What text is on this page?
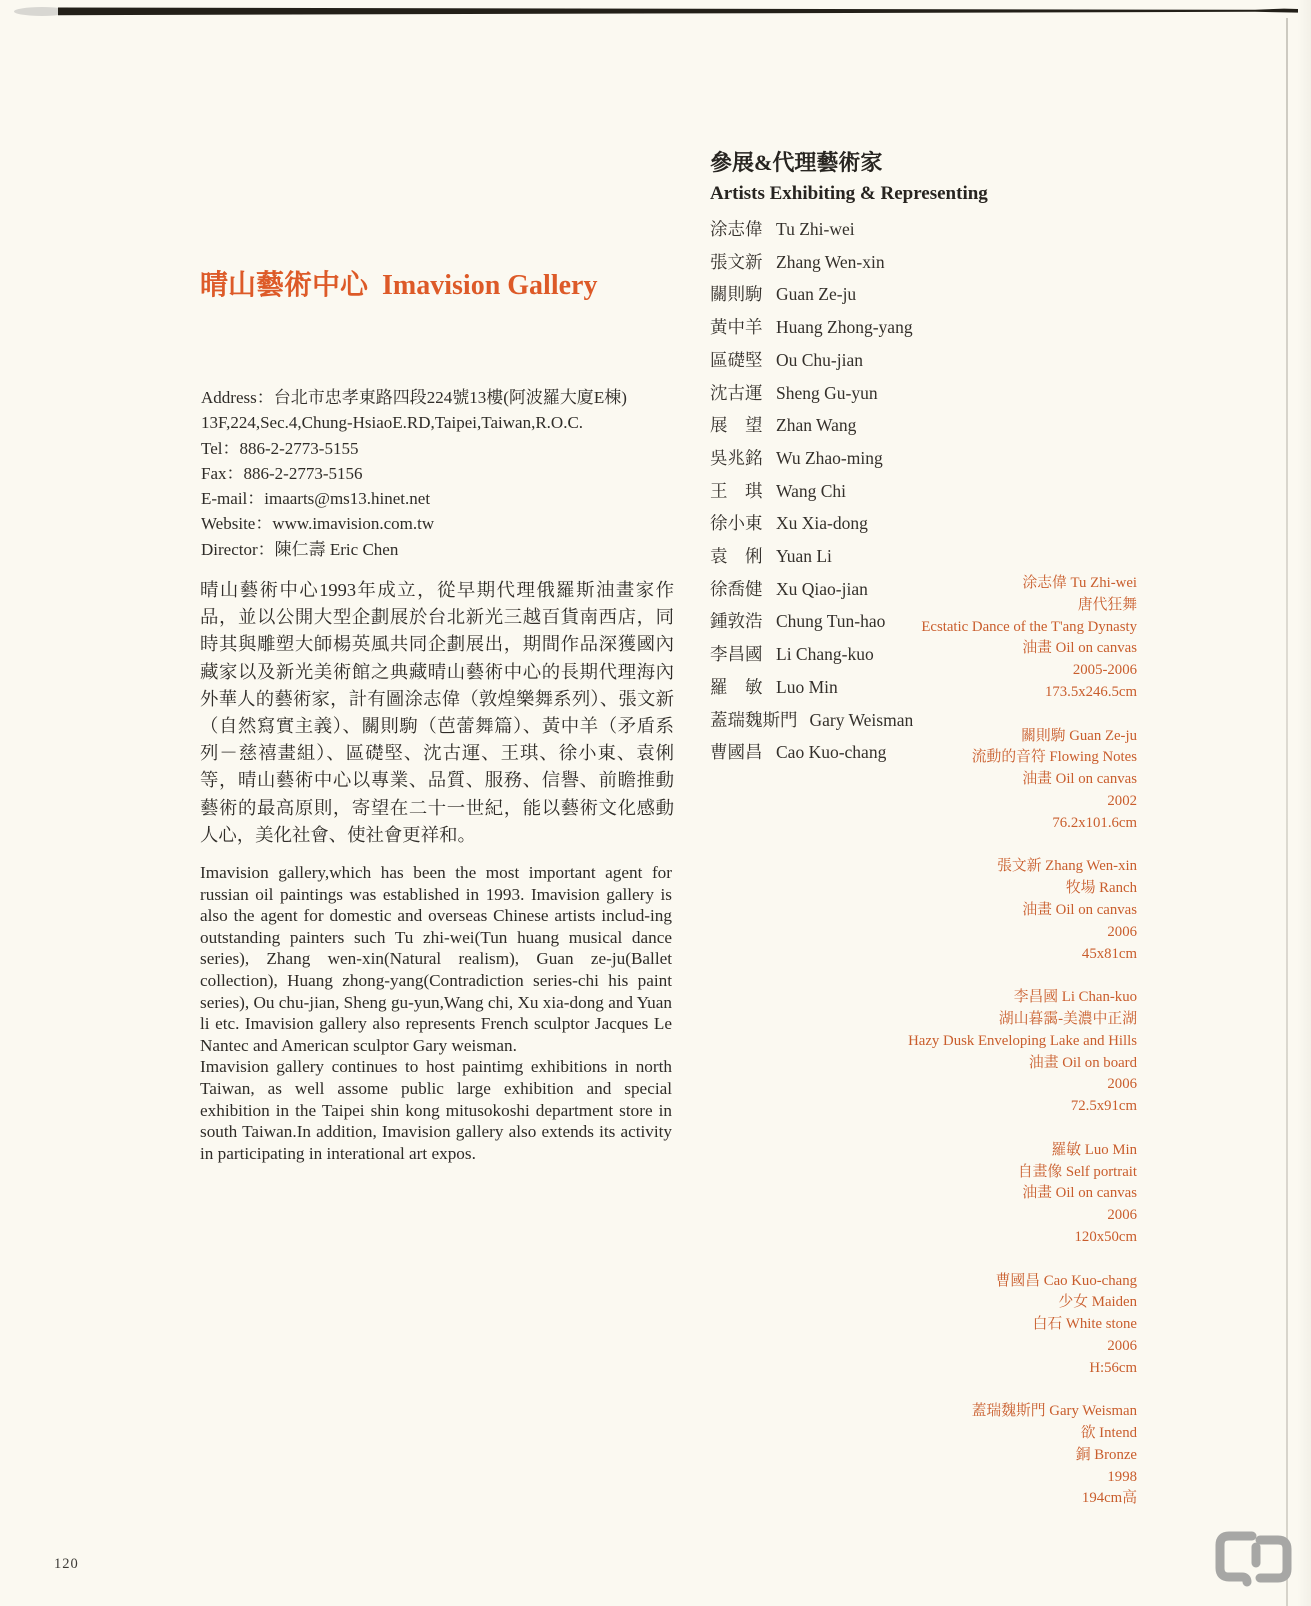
晴山藝術中心 Imavision Gallery
Address：台北市忠孝東路四段224號13樓(阿波羅大廈E棟)
13F,224,Sec.4,Chung-HsiaoE.RD,Taipei,Taiwan,R.O.C.
Tel：886-2-2773-5155
Fax：886-2-2773-5156
E-mail：imaarts@ms13.hinet.net
Website：www.imavision.com.tw
Director：陳仁壽 Eric Chen
晴山藝術中心1993年成立，從早期代理俄羅斯油畫家作品，並以公開大型企劃展於台北新光三越百貨南西店，同時其與雕塑大師楊英風共同企劃展出，期間作品深獲國內藏家以及新光美術館之典藏晴山藝術中心的長期代理海內外華人的藝術家，計有圖涂志偉（敦煌樂舞系列）、張文新（自然寫實主義）、關則駒（芭蕾舞篇）、黃中羊（矛盾系列－慈禧畫組）、區礎堅、沈古運、王琪、徐小東、袁俐等，晴山藝術中心以專業、品質、服務、信譽、前瞻推動藝術的最高原則，寄望在二十一世紀，能以藝術文化感動人心，美化社會、使社會更祥和。

Imavision gallery,which has been the most important agent for russian oil paintings was established in 1993. Imavision gallery is also the agent for domestic and overseas Chinese artists includ-ing outstanding painters such Tu zhi-wei(Tun huang musical dance series), Zhang wen-xin(Natural realism), Guan ze-ju(Ballet collection), Huang zhong-yang(Contradiction series-chi his paint series), Ou chu-jian, Sheng gu-yun,Wang chi, Xu xia-dong and Yuan li etc. Imavision gallery also represents French sculptor Jacques Le Nantec and American sculptor Gary weisman.

Imavision gallery continues to host paintimg exhibitions in north Taiwan, as well assome public large exhibition and special exhibition in the Taipei shin kong mitusokoshi department store in south Taiwan.In addition, Imavision gallery also extends its activity in participating in interational art expos.

參展&代理藝術家
Artists Exhibiting & Representing
涂志偉 Tu Zhi-wei
張文新 Zhang Wen-xin
關則駒 Guan Ze-ju
黃中羊 Huang Zhong-yang
區礎堅 Ou Chu-jian
沈古運 Sheng Gu-yun
展　望 Zhan Wang
吳兆銘 Wu Zhao-ming
王　琪 Wang Chi
徐小東 Xu Xia-dong
袁　俐 Yuan Li
徐喬健 Xu Qiao-jian
鍾敦浩 Chung Tun-hao
李昌國 Li Chang-kuo
羅　敏 Luo Min
蓋瑞魏斯門 Gary Weisman
曹國昌 Cao Kuo-chang
涂志偉 Tu Zhi-wei
唐代狂舞
Ecstatic Dance of the T'ang Dynasty
油畫 Oil on canvas
2005-2006
173.5x246.5cm
關則駒 Guan Ze-ju
流動的音符 Flowing Notes
油畫 Oil on canvas
2002
76.2x101.6cm
張文新 Zhang Wen-xin
牧場 Ranch
油畫 Oil on canvas
2006
45x81cm
李昌國 Li Chan-kuo
湖山暮靄-美濃中正湖
Hazy Dusk Enveloping Lake and Hills
油畫 Oil on board
2006
72.5x91cm
羅敏 Luo Min
自畫像 Self portrait
油畫 Oil on canvas
2006
120x50cm
曹國昌 Cao Kuo-chang
少女 Maiden
白石 White stone
2006
H:56cm
蓋瑞魏斯門 Gary Weisman
欲 Intend
銅 Bronze
1998
194cm高
120
